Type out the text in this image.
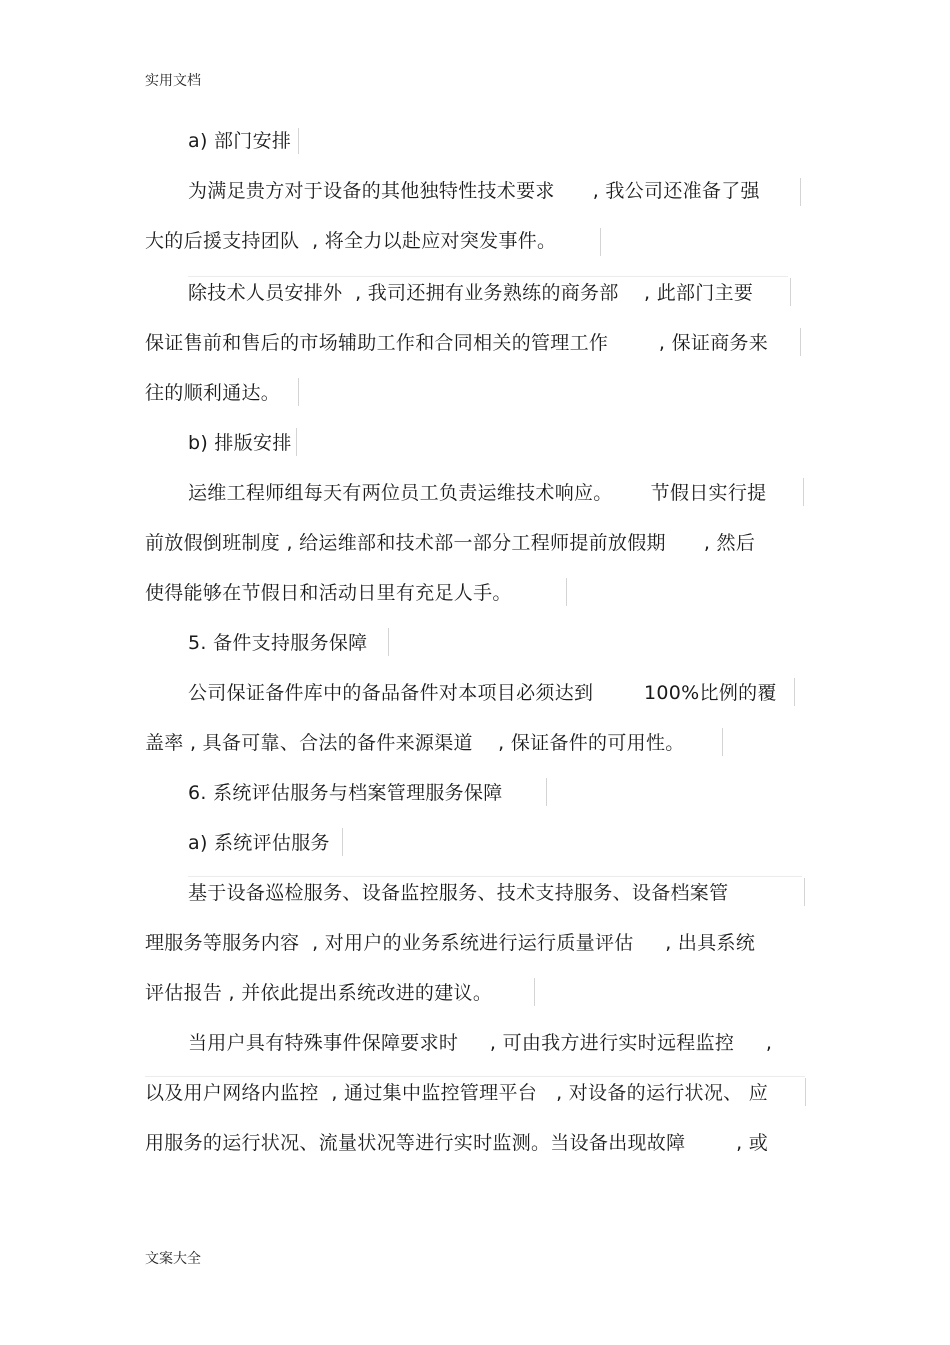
实用文档
a) 部门安排
为满足贵方对于设备的其他独特性技术要求      , 我公司还准备了强
大的后援支持团队  , 将全力以赴应对突发事件。
除技术人员安排外  , 我司还拥有业务熟练的商务部    , 此部门主要
保证售前和售后的市场辅助工作和合同相关的管理工作        , 保证商务来
往的顺利通达。
b) 排版安排
运维工程师组每天有两位员工负责运维技术响应。      节假日实行提
前放假倒班制度 , 给运维部和技术部一部分工程师提前放假期      , 然后
使得能够在节假日和活动日里有充足人手。
5. 备件支持服务保障
公司保证备件库中的备品备件对本项目必须达到        100%比例的覆
盖率 , 具备可靠、合法的备件来源渠道    , 保证备件的可用性。
6. 系统评估服务与档案管理服务保障
a) 系统评估服务
基于设备巡检服务、设备监控服务、技术支持服务、设备档案管
理服务等服务内容  , 对用户的业务系统进行运行质量评估     , 出具系统
评估报告 , 并依此提出系统改进的建议。
当用户具有特殊事件保障要求时     , 可由我方进行实时远程监控     ,
以及用户网络内监控  , 通过集中监控管理平台   , 对设备的运行状况、 应
用服务的运行状况、流量状况等进行实时监测。当设备出现故障        , 或
文案大全
